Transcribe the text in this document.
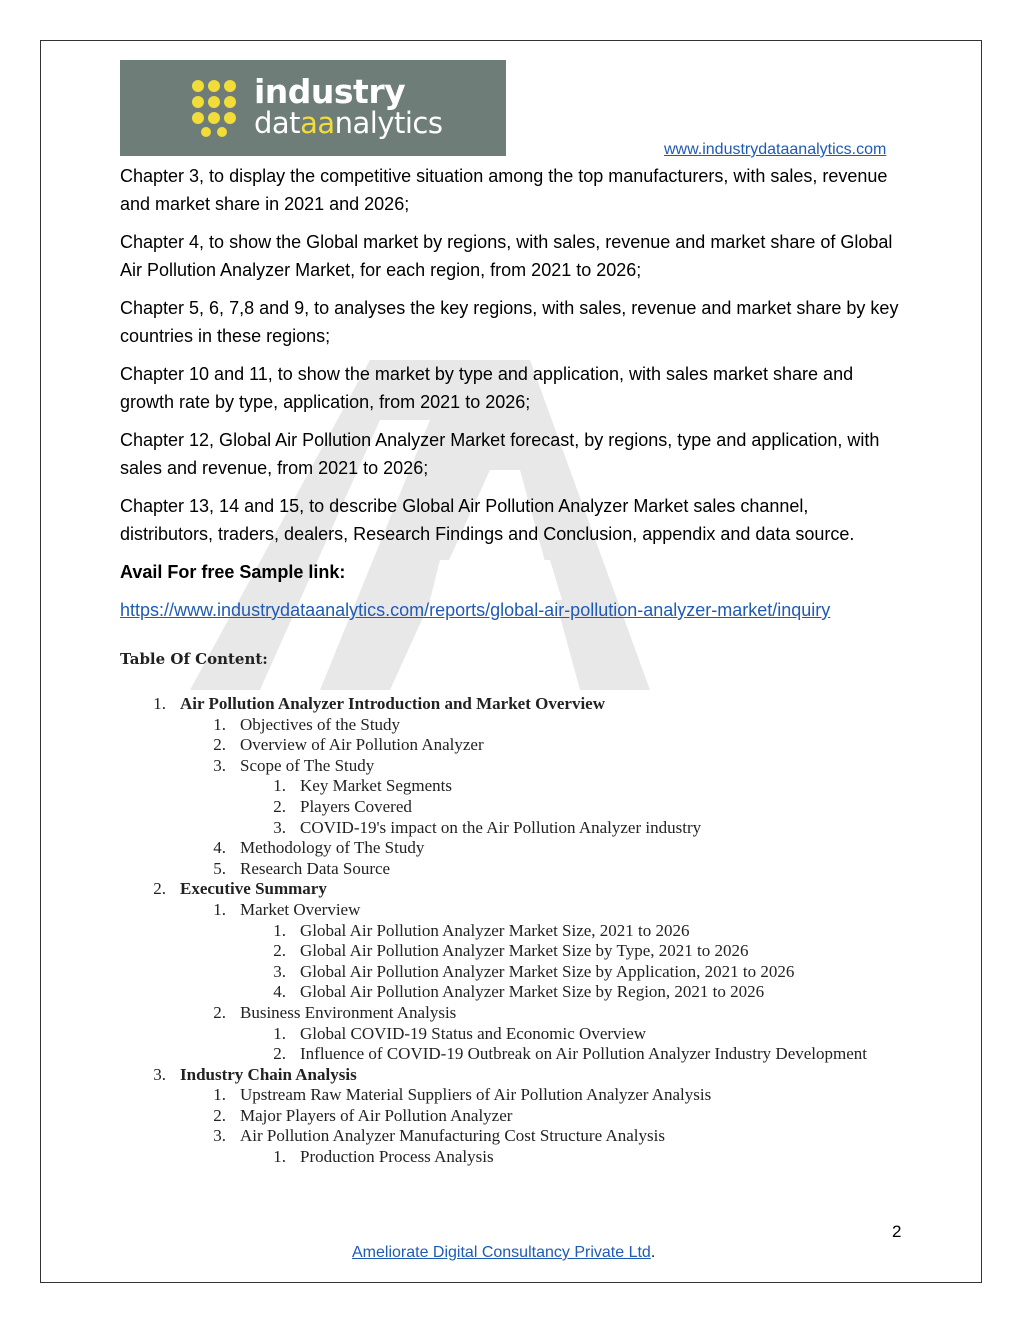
industry
dataanalytics
www.industrydataanalytics.com

Chapter 3, to display the competitive situation among the top manufacturers, with sales, revenue and market share in 2021 and 2026;

Chapter 4, to show the Global market by regions, with sales, revenue and market share of Global Air Pollution Analyzer Market, for each region, from 2021 to 2026;

Chapter 5, 6, 7,8 and 9, to analyses the key regions, with sales, revenue and market share by key countries in these regions;

Chapter 10 and 11, to show the market by type and application, with sales market share and growth rate by type, application, from 2021 to 2026;

Chapter 12, Global Air Pollution Analyzer Market forecast, by regions, type and application, with sales and revenue, from 2021 to 2026;

Chapter 13, 14 and 15, to describe Global Air Pollution Analyzer Market sales channel, distributors, traders, dealers, Research Findings and Conclusion, appendix and data source.

Avail For free Sample link:

https://www.industrydataanalytics.com/reports/global-air-pollution-analyzer-market/inquiry

Table Of Content:
1. Air Pollution Analyzer Introduction and Market Overview
1. Objectives of the Study
2. Overview of Air Pollution Analyzer
3. Scope of The Study
1. Key Market Segments
2. Players Covered
3. COVID-19's impact on the Air Pollution Analyzer industry
4. Methodology of The Study
5. Research Data Source
2. Executive Summary
1. Market Overview
1. Global Air Pollution Analyzer Market Size, 2021 to 2026
2. Global Air Pollution Analyzer Market Size by Type, 2021 to 2026
3. Global Air Pollution Analyzer Market Size by Application, 2021 to 2026
4. Global Air Pollution Analyzer Market Size by Region, 2021 to 2026
2. Business Environment Analysis
1. Global COVID-19 Status and Economic Overview
2. Influence of COVID-19 Outbreak on Air Pollution Analyzer Industry Development
3. Industry Chain Analysis
1. Upstream Raw Material Suppliers of Air Pollution Analyzer Analysis
2. Major Players of Air Pollution Analyzer
3. Air Pollution Analyzer Manufacturing Cost Structure Analysis
1. Production Process Analysis
2
Ameliorate Digital Consultancy Private Ltd.
